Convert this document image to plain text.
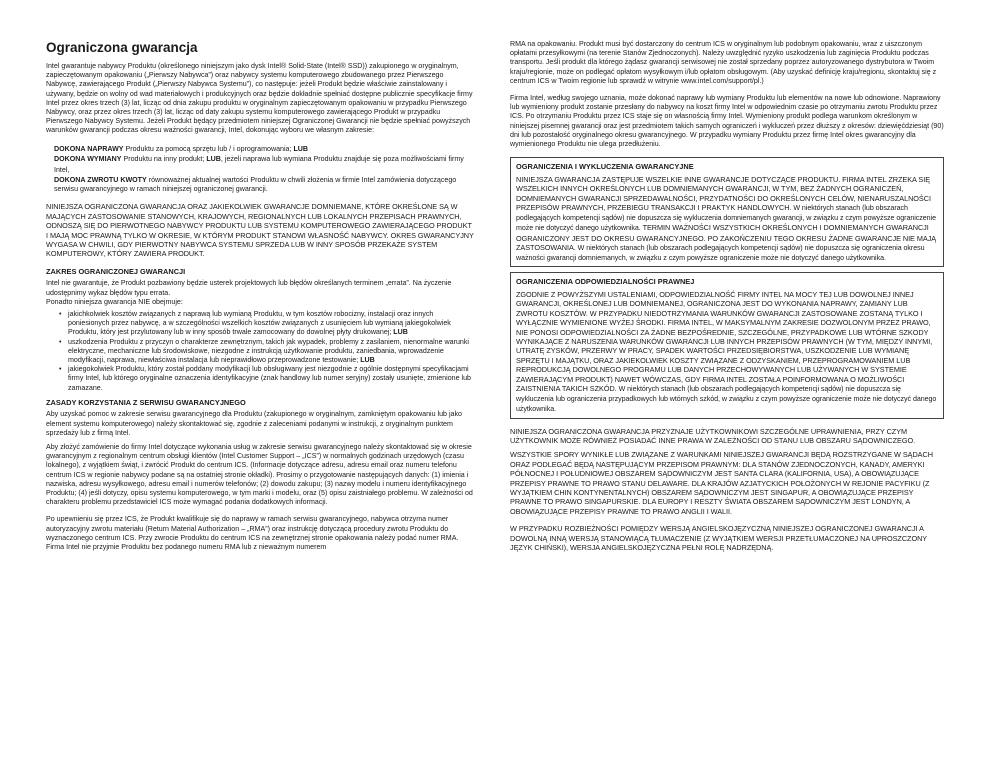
Ograniczona gwarancja

Intel gwarantuje nabywcy Produktu (określonego niniejszym jako dysk Intel® Solid-State (Intel® SSD)) zakupionego w oryginalnym, zapieczętowanym opakowaniu („Pierwszy Nabywca”) oraz nabywcy systemu komputerowego zbudowanego przez Pierwszego Nabywcę, zawierającego Produkt („Pierwszy Nabywca Systemu”), co następuje: jeżeli Produkt będzie właściwie zainstalowany i używany, będzie on wolny od wad materiałowych i produkcyjnych oraz będzie dokładnie spełniać dostępne publicznie specyfikacje firmy Intel przez okres trzech (3) lat, licząc od dnia zakupu produktu w oryginalnym zapieczętowanym opakowaniu w przypadku Pierwszego Nabywcy, oraz przez okres trzech (3) lat, licząc od daty zakupu systemu komputerowego zawierającego Produkt w przypadku Pierwszego Nabywcy Systemu. Jeżeli Produkt będący przedmiotem niniejszej Ograniczonej Gwarancji nie będzie spełniać powyższych warunków gwarancji podczas okresu ważności gwarancji, Intel, dokonując wyboru we własnym zakresie:

DOKONA NAPRAWY Produktu za pomocą sprzętu lub / i oprogramowania; LUB

DOKONA WYMIANY Produktu na inny produkt; LUB, jeżeli naprawa lub wymiana Produktu znajduje się poza możliwościami firmy Intel,

DOKONA ZWROTU KWOTY równoważnej aktualnej wartości Produktu w chwili złożenia w firmie Intel zamówienia dotyczącego serwisu gwarancyjnego w ramach niniejszej ograniczonej gwarancji.

NINIEJSZA OGRANICZONA GWARANCJA ORAZ JAKIEKOLWIEK GWARANCJE DOMNIEMANE, KTÓRE OKREŚLONE SĄ W MAJĄCYCH ZASTOSOWANIE STANOWYCH, KRAJOWYCH, REGIONALNYCH LUB LOKALNYCH PRZEPISACH PRAWNYCH, ODNOSZĄ SIĘ DO PIERWOTNEGO NABYWCY PRODUKTU LUB SYSTEMU KOMPUTEROWEGO ZAWIERAJĄCEGO PRODUKT I MAJĄ MOC PRAWNĄ TYLKO W OKRESIE, W KTÓRYM PRODUKT STANOWI WŁASNOŚĆ NABYWCY. OKRES GWARANCYJNY WYGASA W CHWILI, GDY PIERWOTNY NABYWCA SYSTEMU SPRZEDA LUB W INNY SPOSÓB PRZEKAŻE SYSTEM KOMPUTEROWY, KTÓRY ZAWIERA PRODUKT.

ZAKRES OGRANICZONEJ GWARANCJI

Intel nie gwarantuje, że Produkt pozbawiony będzie usterek projektowych lub błędów określanych terminem „errata”. Na życzenie udostępnimy wykaz błędów typu errata.

Ponadto niniejsza gwarancja NIE obejmuje:

• jakichkolwiek kosztów związanych z naprawą lub wymianą Produktu, w tym kosztów robocizny, instalacji oraz innych poniesionych przez nabywcę, a w szczególności wszelkich kosztów związanych z usunięciem lub wymianą jakiegokolwiek Produktu, który jest przylutowany lub w inny sposób trwale zamocowany do dowolnej płyty drukowanej; LUB
• uszkodzenia Produktu z przyczyn o charakterze zewnętrznym, takich jak wypadek, problemy z zasilaniem, nienormalne warunki elektryczne, mechaniczne lub środowiskowe, niezgodne z instrukcją użytkowanie produktu, zaniedbania, wprowadzenie modyfikacji, naprawa, niewłaściwa instalacja lub nieprawidłowo przeprowadzone testowanie; LUB
• jakiegokolwiek Produktu, który został poddany modyfikacji lub obsługiwany jest niezgodnie z ogólnie dostępnymi specyfikacjami firmy Intel, lub którego oryginalne oznaczenia identyfikacyjne (znak handlowy lub numer seryjny) zostały usunięte, zmienione lub zamazane.

ZASADY KORZYSTANIA Z SERWISU GWARANCYJNEGO

Aby uzyskać pomoc w zakresie serwisu gwarancyjnego dla Produktu (zakupionego w oryginalnym, zamkniętym opakowaniu lub jako element systemu komputerowego) należy skontaktować się, zgodnie z zaleceniami podanymi w instrukcji, z oryginalnym punktem sprzedaży lub z firmą Intel.

Aby złożyć zamówienie do firmy Intel dotyczące wykonania usług w zakresie serwisu gwarancyjnego należy skontaktować się w okresie gwarancyjnym z regionalnym centrum obsługi klientów (Intel Customer Support – „ICS”) w normalnych godzinach urzędowych (czasu lokalnego), z wyjątkiem świąt, i zwrócić Produkt do centrum ICS. (Informacje dotyczące adresu, adresu email oraz numeru telefonu centrum ICS w regionie nabywcy podane są na ostatniej stronie okładki). Prosimy o przygotowanie następujących danych: (1) imienia i nazwiska, adresu wysyłkowego, adresu email i numerów telefonów; (2) dowodu zakupu; (3) nazwy modelu i numeru identyfikacyjnego Produktu; (4) jeśli dotyczy, opisu systemu komputerowego, w tym marki i modelu, oraz (5) opisu zaistniałego problemu. W zależności od charakteru problemu przedstawiciel ICS może wymagać podania dodatkowych informacji.

Po upewnieniu się przez ICS, że Produkt kwalifikuje się do naprawy w ramach serwisu gwarancyjnego, nabywca otrzyma numer autoryzacyjny zwrotu materiału (Return Material Authorization – „RMA”) oraz instrukcję dotyczącą procedury zwrotu Produktu do wyznaczonego centrum ICS. Przy zwrocie Produktu do centrum ICS na zewnętrznej stronie opakowania należy podać numer RMA. Firma Intel nie przyjmie Produktu bez podanego numeru RMA lub z nieważnym numerem

RMA na opakowaniu. Produkt musi być dostarczony do centrum ICS w oryginalnym lub podobnym opakowaniu, wraz z uiszczonym opłatami przesyłkowymi (na terenie Stanów Zjednoczonych). Należy uwzględnić ryzyko uszkodzenia lub zaginięcia Produktu podczas transportu. Jeśli produkt dla którego żądasz gwarancji serwisowej nie został sprzedany poprzez autoryzowanego dystrybutora w Twoim kraju/regionie, może on podlegać opłatom wysyłkowym i/lub opłatom obsługowym. (Aby uzyskać definicję kraju/regionu, skontaktuj się z centrum ICS w Twoim regionie lub sprawdź w witrynie www.intel.com/support/pl.)

Firma Intel, według swojego uznania, może dokonać naprawy lub wymiany Produktu lub elementów na nowe lub odnowione. Naprawiony lub wymieniony produkt zostanie przesłany do nabywcy na koszt firmy Intel w odpowiednim czasie po otrzymaniu zwrotu Produktu przez ICS. Po otrzymaniu Produktu przez ICS staje się on własnością firmy Intel. Wymieniony produkt podlega warunkom określonym w niniejszej pisemnej gwarancji oraz jest przedmiotem takich samych ograniczeń i wykluczeń przez dłuższy z okresów: dziewięćdziesiąt (90) dni lub pozostałość oryginalnego okresu gwarancyjnego. W przypadku wymiany Produktu przez firmę Intel okres gwarancyjny dla wymienionego Produktu nie ulega przedłużeniu.

OGRANICZENIA I WYKLUCZENIA GWARANCYJNE

NINIEJSZA GWARANCJA ZASTĘPUJE WSZELKIE INNE GWARANCJE DOTYCZĄCE PRODUKTU. FIRMA INTEL ZRZEKA SIĘ WSZELKICH INNYCH OKREŚLONYCH LUB DOMNIEMANYCH GWARANCJI, W TYM, BEZ ŻADNYCH OGRANICZEŃ, DOMNIEMANYCH GWARANCJI SPRZEDAWALNOŚCI, PRZYDATNOŚCI DO OKREŚLONYCH CELÓW, NIENARUSZALNOŚCI PRZEPISÓW PRAWNYCH, PRZEBIEGU TRANSAKCJI I PRAKTYK HANDLOWYCH. W niektórych stanach (lub obszarach podlegających kompetencji sądów) nie dopuszcza się wykluczenia domniemanych gwarancji, w związku z czym powyższe ograniczenie może nie dotyczyć danego użytkownika. TERMIN WAŻNOŚCI WSZYSTKICH OKREŚLONYCH I DOMNIEMANYCH GWARANCJI OGRANICZONY JEST DO OKRESU GWARANCYJNEGO. PO ZAKOŃCZENIU TEGO OKRESU ŻADNE GWARANCJE NIE MAJĄ ZASTOSOWANIA. W niektórych stanach (lub obszarach podlegających kompetencji sądów) nie dopuszcza się ograniczenia okresu ważności gwarancji domniemanych, w związku z czym powyższe ograniczenie może nie dotyczyć danego użytkownika.

OGRANICZENIA ODPOWIEDZIALNOŚCI PRAWNEJ

ZGODNIE Z POWYŻSZYMI USTALENIAMI, ODPOWIEDZIALNOŚĆ FIRMY INTEL NA MOCY TEJ LUB DOWOLNEJ INNEJ GWARANCJI, OKREŚLONEJ LUB DOMNIEMANEJ, OGRANICZONA JEST DO WYKONANIA NAPRAWY, ZAMIANY LUB ZWROTU KOSZTÓW. W PRZYPADKU NIEDOTRZYMANIA WARUNKÓW GWARANCJI ZASTOSOWANE ZOSTANĄ TYLKO I WYŁĄCZNIE WYMIENIONE WYŻEJ ŚRODKI. FIRMA INTEL, W MAKSYMALNYM ZAKRESIE DOZWOLONYM PRZEZ PRAWO, NIE PONOSI ODPOWIEDZIALNOŚCI ZA ŻADNE BEZPOŚREDNIE, SZCZEGÓLNE, PRZYPADKOWE LUB WTÓRNE SZKODY WYNIKAJĄCE Z NARUSZENIA WARUNKÓW GWARANCJI LUB INNYCH PRZEPISÓW PRAWNYCH (W TYM, MIĘDZY INNYMI, UTRATĘ ZYSKÓW, PRZERWY W PRACY, SPADEK WARTOŚCI PRZEDSIĘBIORSTWA, USZKODZENIE LUB WYMIANĘ SPRZĘTU I MAJĄTKU, ORAZ JAKIEKOLWIEK KOSZTY ZWIĄZANE Z ODZYSKANIEM, PRZEPROGRAMOWANIEM LUB REPRODUKCJĄ DOWOLNEGO PROGRAMU LUB DANYCH PRZECHOWYWANYCH LUB UŻYWANYCH W SYSTEMIE ZAWIERAJĄCYM PRODUKT) NAWET WÓWCZAS, GDY FIRMA INTEL ZOSTAŁA POINFORMOWANA O MOŻLIWOŚCI ZAISTNIENIA TAKICH SZKÓD. W niektórych stanach (lub obszarach podlegających kompetencji sądów) nie dopuszcza się wykluczenia lub ograniczenia przypadkowych lub wtórnych szkód, w związku z czym powyższe ograniczenie może nie dotyczyć danego użytkownika.

NINIEJSZA OGRANICZONA GWARANCJA PRZYZNAJE UŻYTKOWNIKOWI SZCZEGÓLNE UPRAWNIENIA, PRZY CZYM UŻYTKOWNIK MOŻE RÓWNIEŻ POSIADAĆ INNE PRAWA W ZALEŻNOŚCI OD STANU LUB OBSZARU SĄDOWNICZEGO.

WSZYSTKIE SPORY WYNIKŁE LUB ZWIĄZANE Z WARUNKAMI NINIEJSZEJ GWARANCJI BĘDĄ ROZSTRZYGANE W SĄDACH ORAZ PODLEGAĆ BĘDĄ NASTĘPUJĄCYM PRZEPISOM PRAWNYM: DLA STANÓW ZJEDNOCZONYCH, KANADY, AMERYKI PÓŁNOCNEJ I POŁUDNIOWEJ OBSZAREM SĄDOWNICZYM JEST SANTA CLARA (KALIFORNIA, USA), A OBOWIĄZUJĄCE PRZEPISY PRAWNE TO PRAWO STANU DELAWARE. DLA KRAJÓW AZJATYCKICH POŁOŻONYCH W REJONIE PACYFIKU (Z WYJĄTKIEM CHIN KONTYNENTALNYCH) OBSZAREM SĄDOWNICZYM JEST SINGAPUR, A OBOWIĄZUJĄCE PRZEPISY PRAWNE TO PRAWO SINGAPURSKIE. DLA EUROPY I RESZTY ŚWIATA OBSZAREM SĄDOWNICZYM JEST LONDYN, A OBOWIĄZUJĄCE PRZEPISY PRAWNE TO PRAWO ANGLII I WALII.

W PRZYPADKU ROZBIEŻNOŚCI POMIĘDZY WERSJĄ ANGIELSKOJĘZYCZNĄ NINIEJSZEJ OGRANICZONEJ GWARANCJI A DOWOLNĄ INNĄ WERSJĄ STANOWIĄCĄ TŁUMACZENIE (Z WYJĄTKIEM WERSJI PRZETŁUMACZONEJ NA UPROSZCZONY JĘZYK CHIŃSKI), WERSJA ANGIELSKOJĘZYCZNA PEŁNI ROLĘ NADRZĘDNĄ.
